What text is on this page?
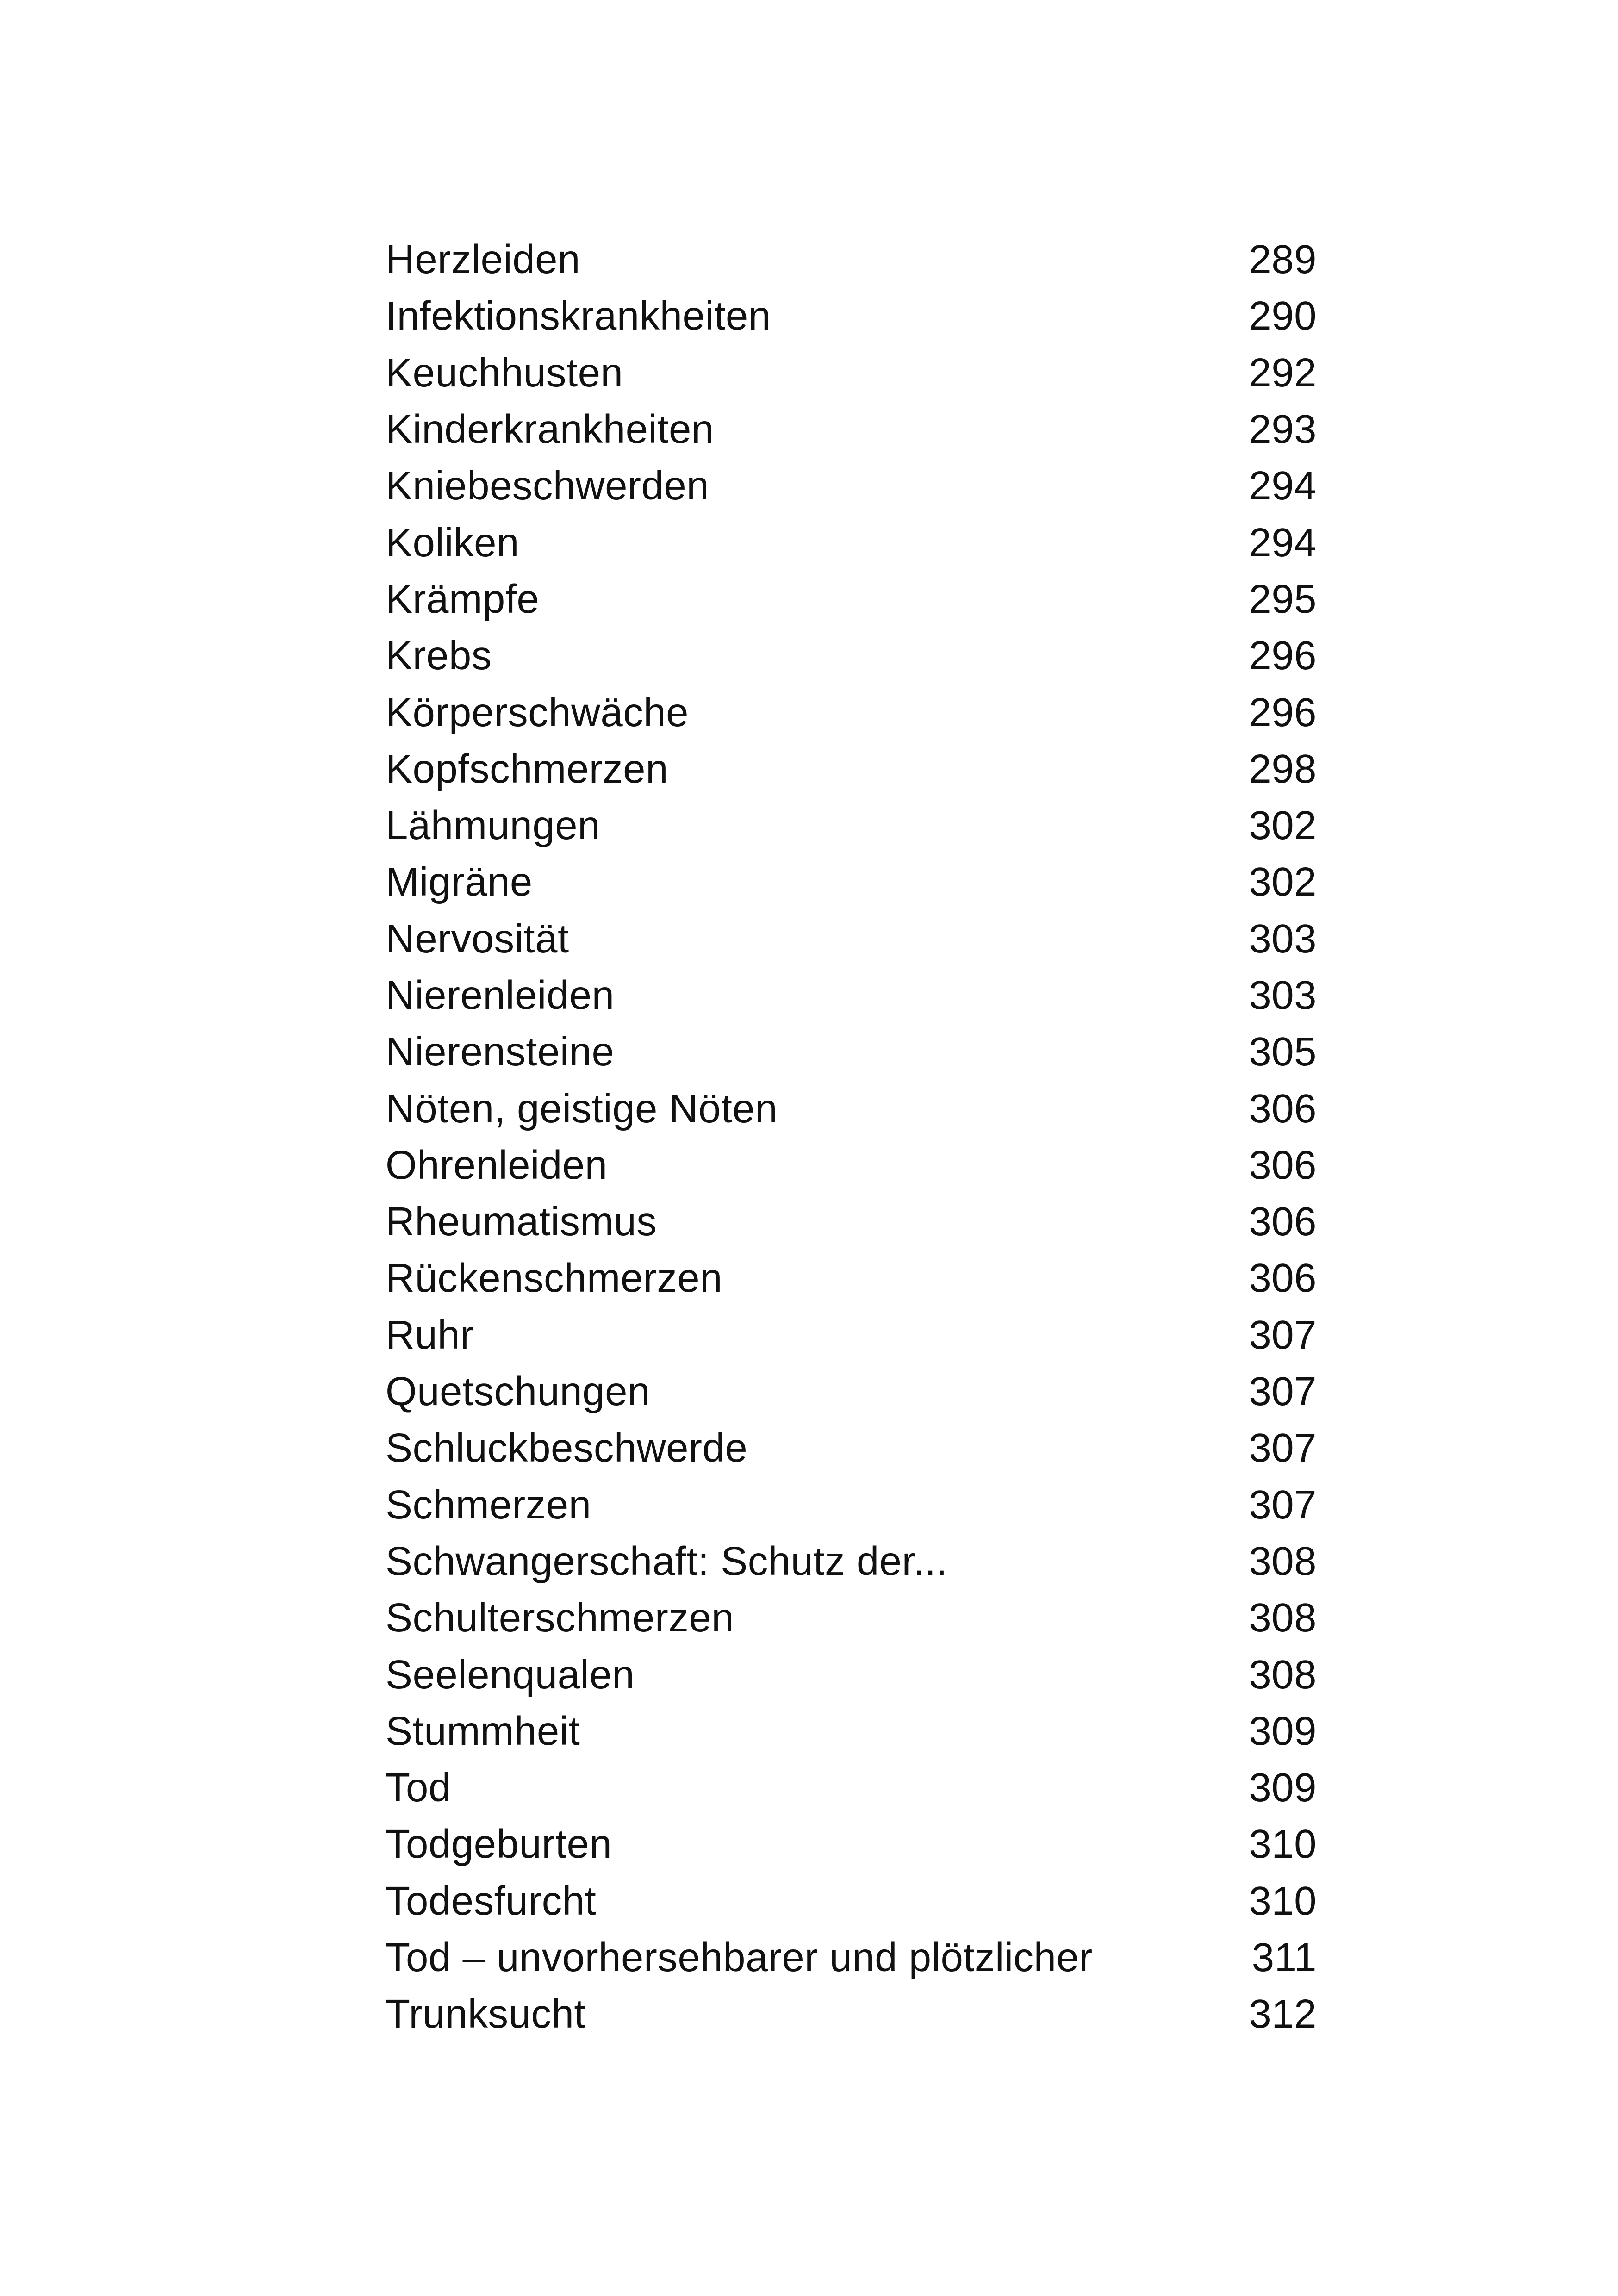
Herzleiden	289
Infektionskrankheiten	290
Keuchhusten	292
Kinderkrankheiten	293
Kniebeschwerden	294
Koliken	294
Krämpfe	295
Krebs	296
Körperschwäche	296
Kopfschmerzen	298
Lähmungen	302
Migräne	302
Nervosität	303
Nierenleiden	303
Nierensteine	305
Nöten, geistige Nöten	306
Ohrenleiden	306
Rheumatismus	306
Rückenschmerzen	306
Ruhr	307
Quetschungen	307
Schluckbeschwerde	307
Schmerzen	307
Schwangerschaft: Schutz der...	308
Schulterschmerzen	308
Seelenqualen	308
Stummheit	309
Tod	309
Todgeburten	310
Todesfurcht	310
Tod – unvorhersehbarer und plötzlicher	311
Trunksucht	312
